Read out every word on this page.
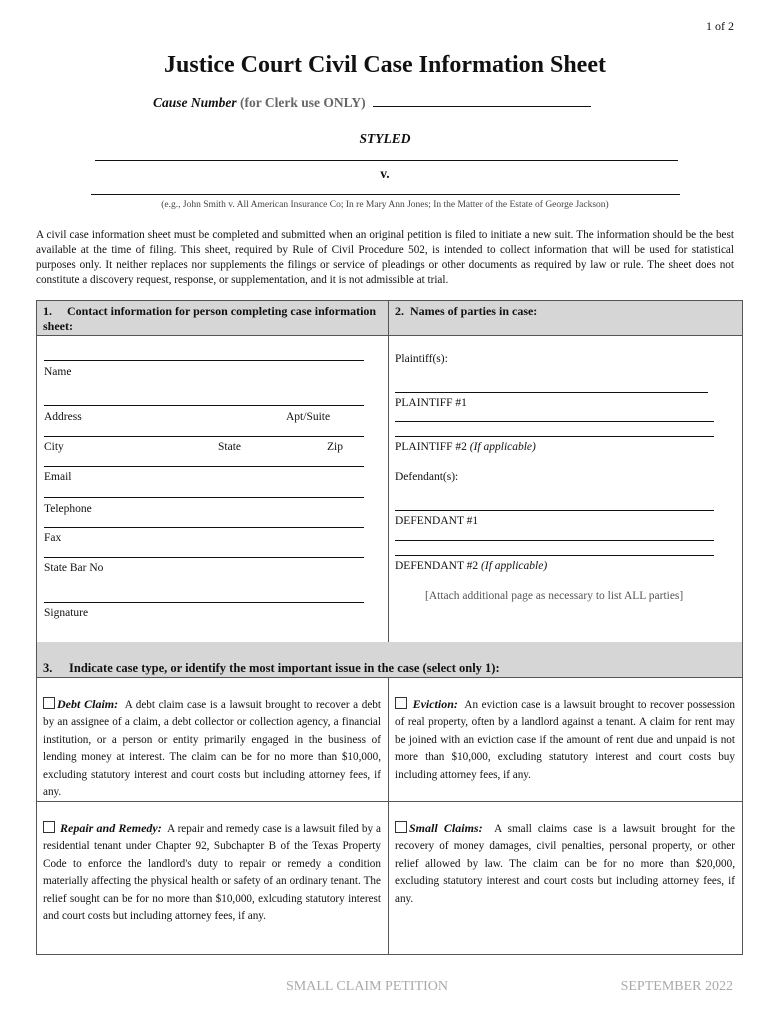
1 of 2
Justice Court Civil Case Information Sheet
Cause Number (for Clerk use ONLY)
STYLED
v.
(e.g., John Smith v. All American Insurance Co; In re Mary Ann Jones; In the Matter of the Estate of George Jackson)
A civil case information sheet must be completed and submitted when an original petition is filed to initiate a new suit. The information should be the best available at the time of filing. This sheet, required by Rule of Civil Procedure 502, is intended to collect information that will be used for statistical purposes only. It neither replaces nor supplements the filings or service of pleadings or other documents as required by law or rule. The sheet does not constitute a discovery request, response, or supplementation, and it is not admissible at trial.
1. Contact information for person completing case information sheet:
2. Names of parties in case:
Name
Address	Apt/Suite
City	State	Zip
Email
Telephone
Fax
State Bar No
Signature
Plaintiff(s):
PLAINTIFF #1
PLAINTIFF #2 (If applicable)
Defendant(s):
DEFENDANT #1
DEFENDANT #2 (If applicable)
[Attach additional page as necessary to list ALL parties]
3. Indicate case type, or identify the most important issue in the case (select only 1):
Debt Claim: A debt claim case is a lawsuit brought to recover a debt by an assignee of a claim, a debt collector or collection agency, a financial institution, or a person or entity primarily engaged in the business of lending money at interest. The claim can be for no more than $10,000, excluding statutory interest and court costs but including attorney fees, if any.
Eviction: An eviction case is a lawsuit brought to recover possession of real property, often by a landlord against a tenant. A claim for rent may be joined with an eviction case if the amount of rent due and unpaid is not more than $10,000, excluding statutory interest and court costs buy including attorney fees, if any.
Repair and Remedy: A repair and remedy case is a lawsuit filed by a residential tenant under Chapter 92, Subchapter B of the Texas Property Code to enforce the landlord's duty to repair or remedy a condition materially affecting the physical health or safety of an ordinary tenant. The relief sought can be for no more than $10,000, exlcuding statutory interest and court costs but including attorney fees, if any.
Small Claims: A small claims case is a lawsuit brought for the recovery of money damages, civil penalties, personal property, or other relief allowed by law. The claim can be for no more than $20,000, excluding statutory interest and court costs but including attorney fees, if any.
SMALL CLAIM PETITION	SEPTEMBER 2022
